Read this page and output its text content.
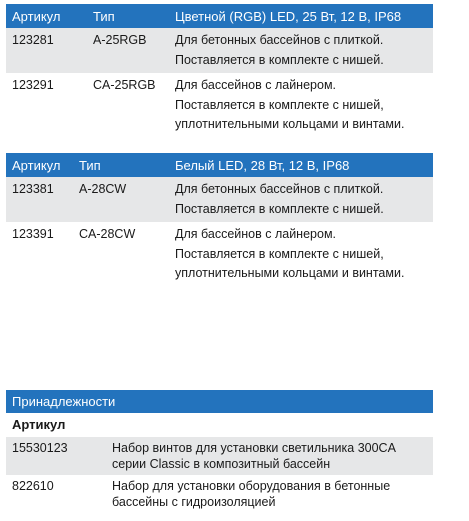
Артикул	Тип	Цветной (RGB) LED, 25 Вт, 12 В, IP68
123281	A-25RGB Для бетонных бассейнов с плиткой.
Поставляется в комплекте с нишей.
123291	CA-25RGB Для бассейнов с лайнером.
Поставляется в комплекте с нишей,
уплотнительными кольцами и винтами.
Артикул Тип	Белый LED, 28 Вт, 12 В, IP68
123381 A-28CW	Для бетонных бассейнов с плиткой.
Поставляется в комплекте с нишей.
123391 CA-28CW	Для бассейнов с лайнером.
Поставляется в комплекте с нишей,
уплотнительными кольцами и винтами.
Принадлежности
Артикул
15530123	Набор винтов для установки светильника 300CA
серии Classic в композитный бассейн
822610	Набор для установки оборудования в бетонные
бассейны с гидроизоляцией
